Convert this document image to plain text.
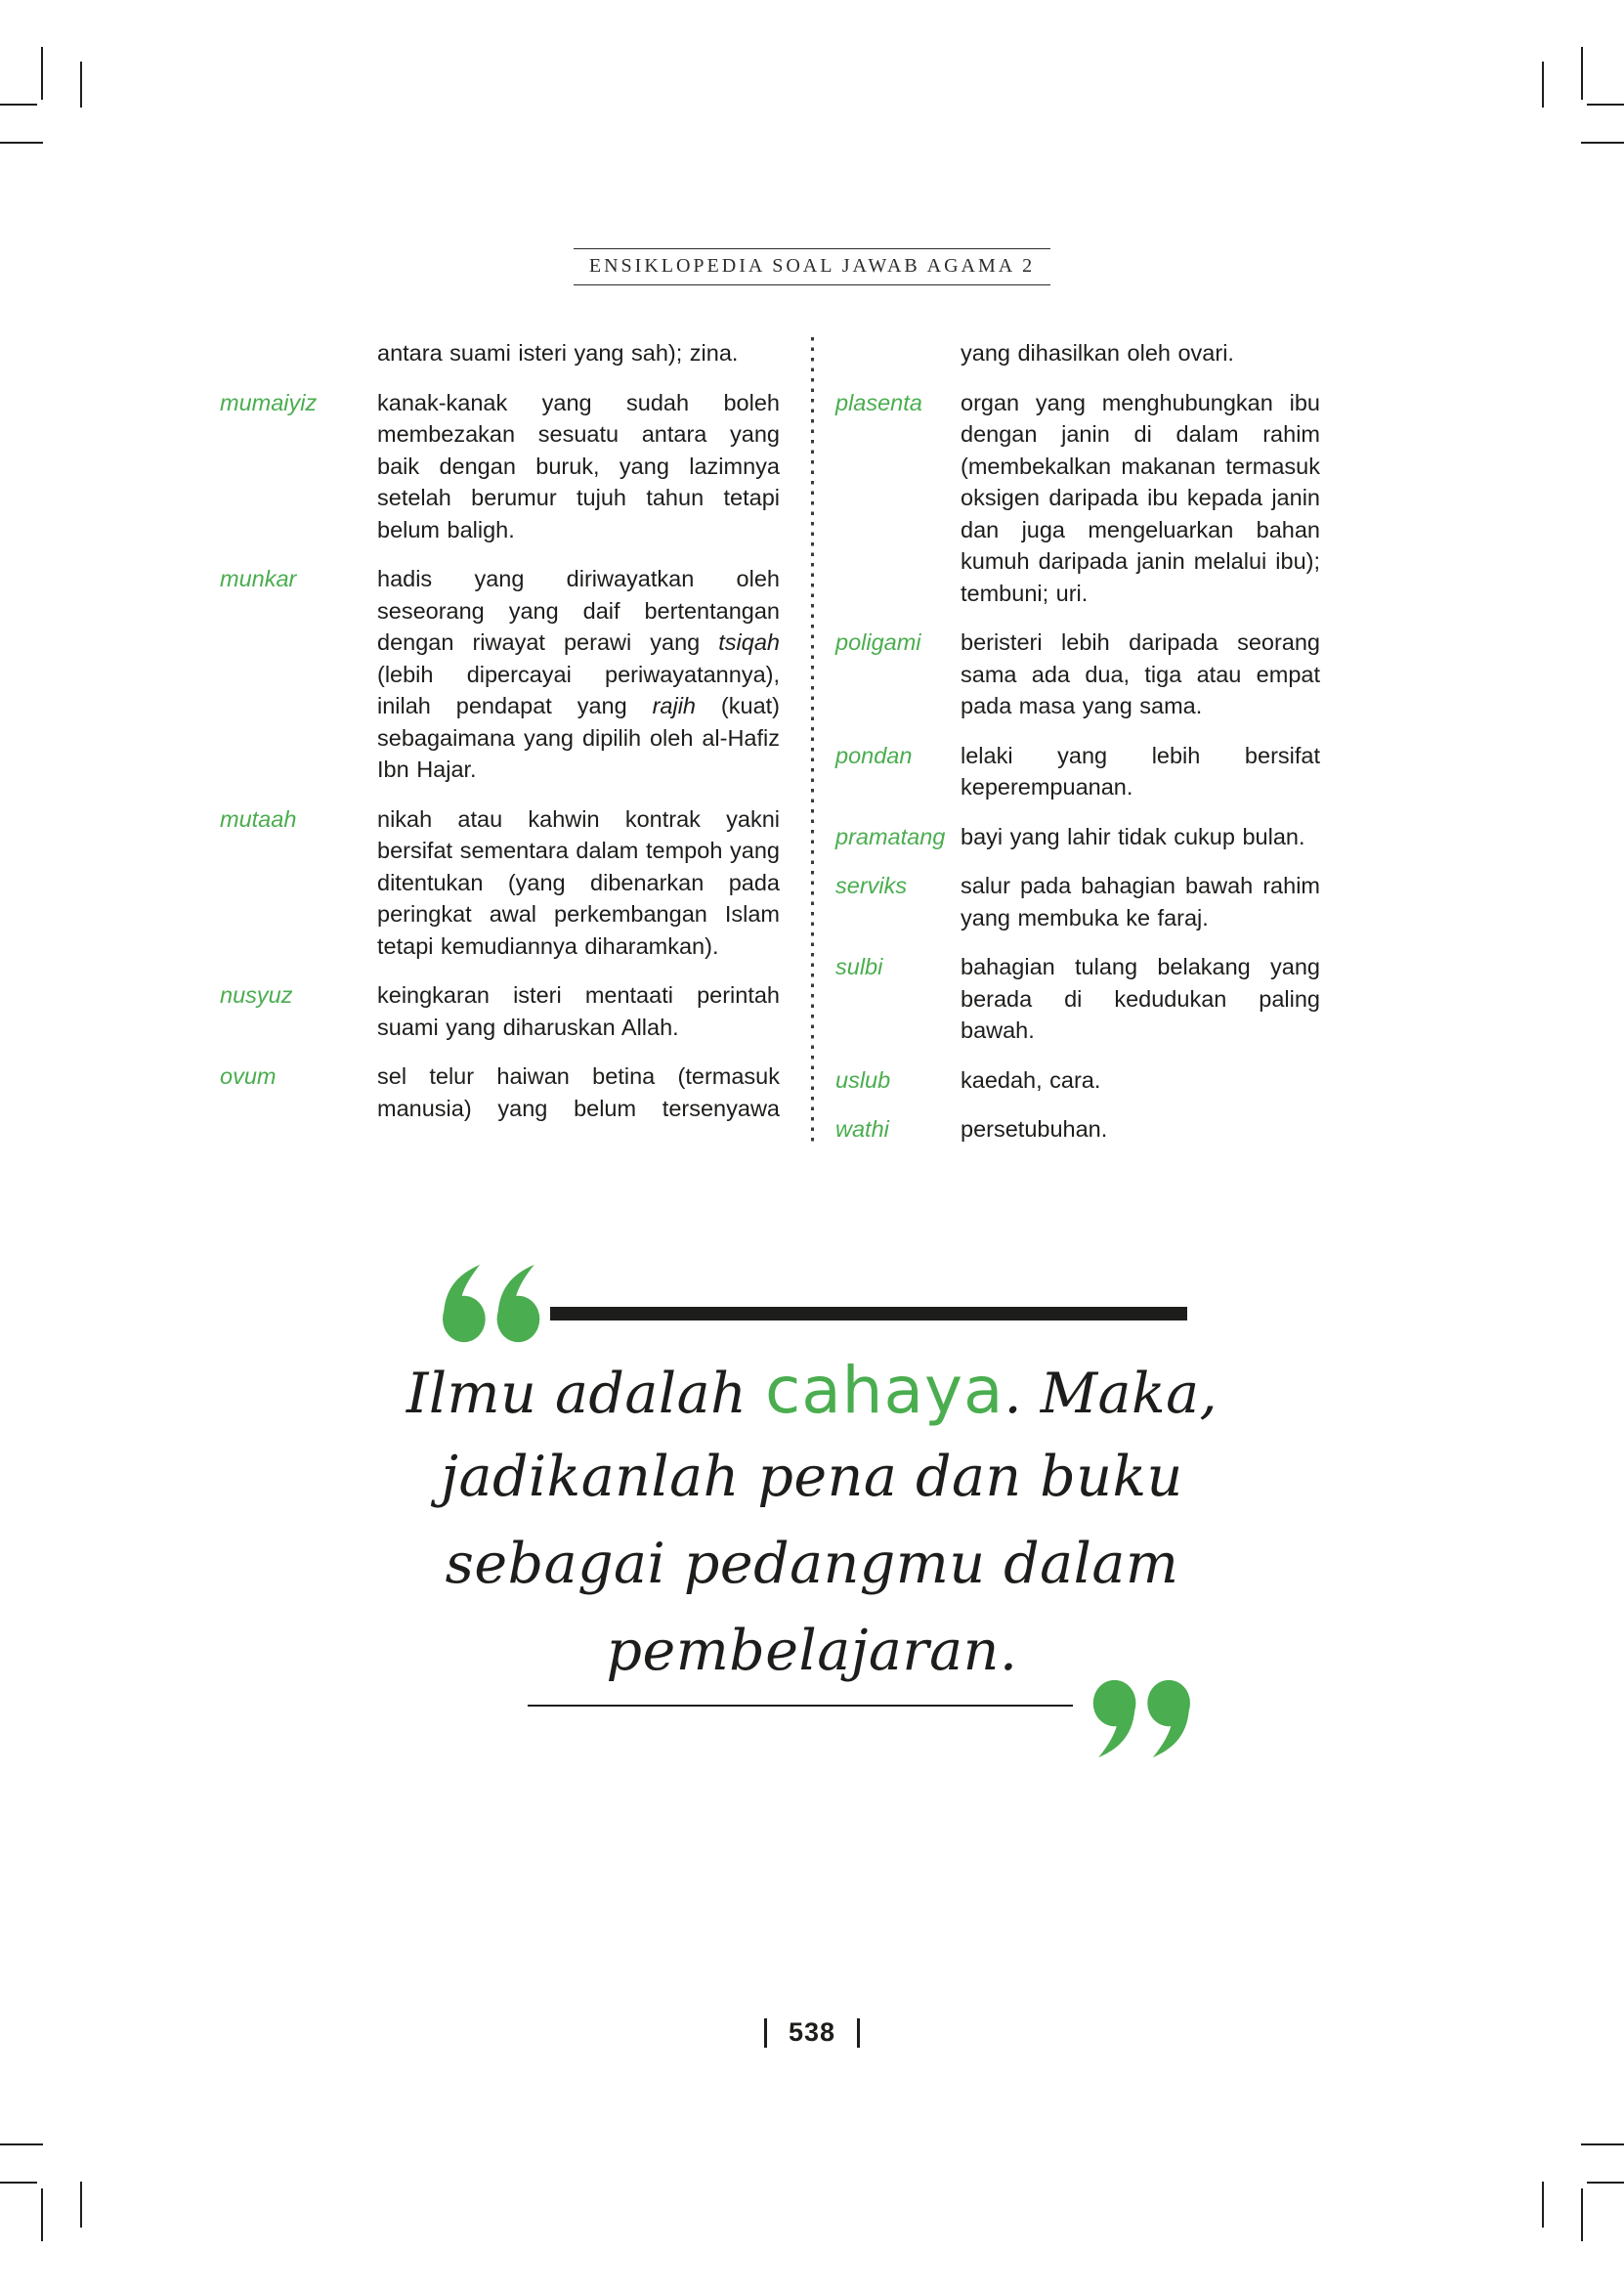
ENSIKLOPEDIA SOAL JAWAB AGAMA 2
antara suami isteri yang sah); zina.
mumaiyiz	kanak-kanak yang sudah boleh membezakan sesuatu antara yang baik dengan buruk, yang lazimnya setelah berumur tujuh tahun tetapi belum baligh.
munkar	hadis yang diriwayatkan oleh seseorang yang daif bertentangan dengan riwayat perawi yang tsiqah (lebih dipercayai periwayatannya), inilah pendapat yang rajih (kuat) sebagaimana yang dipilih oleh al-Hafiz Ibn Hajar.
mutaah	nikah atau kahwin kontrak yakni bersifat sementara dalam tempoh yang ditentukan (yang dibenarkan pada peringkat awal perkembangan Islam tetapi kemudiannya diharamkan).
nusyuz	keingkaran isteri mentaati perintah suami yang diharuskan Allah.
ovum	sel telur haiwan betina (termasuk manusia) yang belum tersenyawa
yang dihasilkan oleh ovari.
plasenta	organ yang menghubungkan ibu dengan janin di dalam rahim (membekalkan makanan termasuk oksigen daripada ibu kepada janin dan juga mengeluarkan bahan kumuh daripada janin melalui ibu); tembuni; uri.
poligami	beristeri lebih daripada seorang sama ada dua, tiga atau empat pada masa yang sama.
pondan	lelaki yang lebih bersifat keperempuanan.
pramatang bayi yang lahir tidak cukup bulan.
serviks	salur pada bahagian bawah rahim yang membuka ke faraj.
sulbi	bahagian tulang belakang yang berada di kedudukan paling bawah.
uslub	kaedah, cara.
wathi	persetubuhan.
Ilmu adalah cahaya. Maka,
jadikanlah pena dan buku
sebagai pedangmu dalam
pembelajaran.
538
